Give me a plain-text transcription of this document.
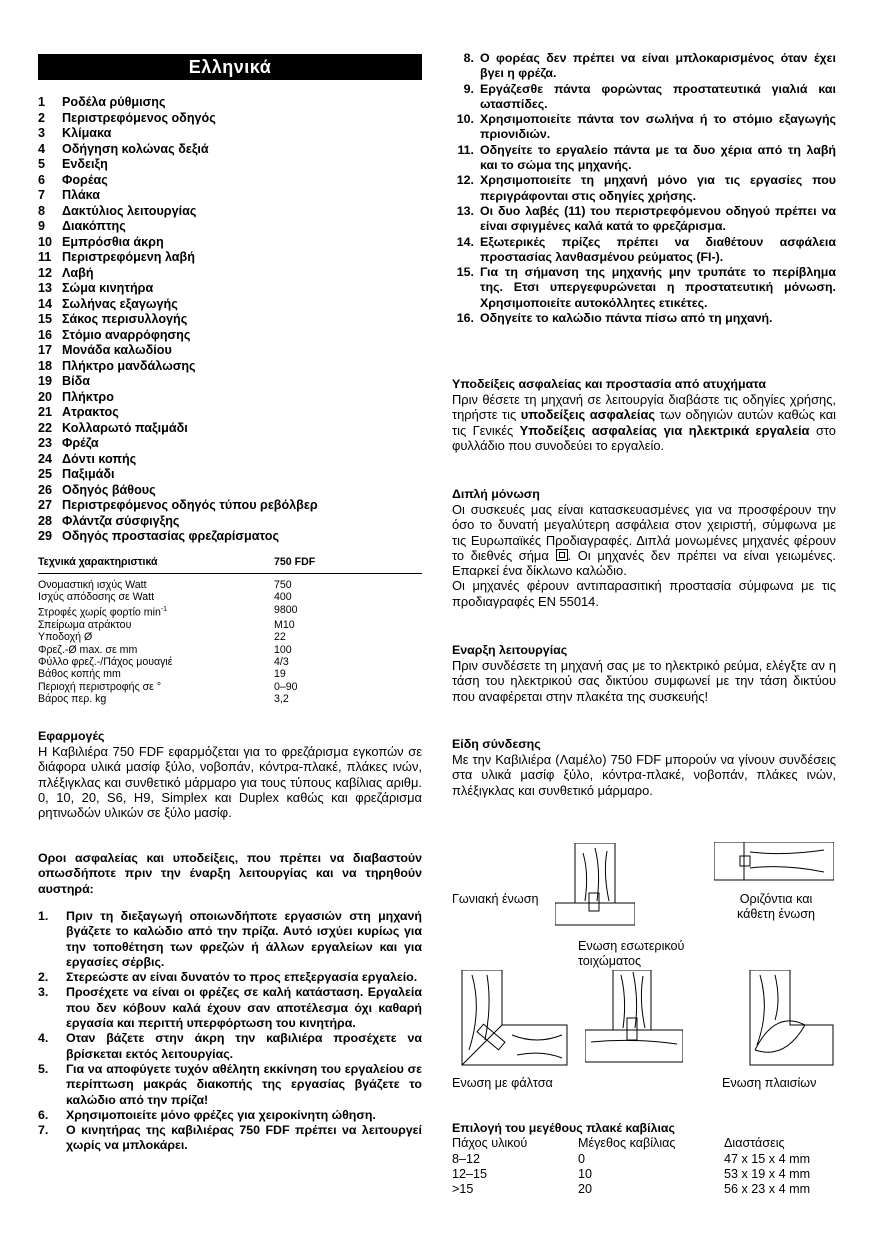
Ελληνικά
1	Ροδέλα ρύθμισης
2	Περιστρεφόμενος οδηγός
3	Κλίμακα
4	Οδήγηση κολώνας δεξιά
5	Ενδειξη
6	Φορέας
7	Πλάκα
8	Δακτύλιος λειτουργίας
9	Διακόπτης
10 Εμπρόσθια άκρη
11 Περιστρεφόμενη λαβή
12 Λαβή
13 Σώμα κινητήρα
14 Σωλήνας εξαγωγής
15 Σάκος περισυλλογής
16 Στόμιο αναρρόφησης
17 Μονάδα καλωδίου
18 Πλήκτρο μανδάλωσης
19 Βίδα
20 Πλήκτρο
21 Ατρακτος
22 Κολλαρωτό παξιμάδι
23 Φρέζα
24 Δόντι κοπής
25 Παξιμάδι
26 Οδηγός βάθους
27 Περιστρεφόμενος οδηγός τύπου ρεβόλβερ
28 Φλάντζα σύσφιγξης
29 Οδηγός προστασίας φρεζαρίσματος
Τεχνικά χαρακτηριστικά	750 FDF
Ονομαστική ισχύς Watt	750
Ισχύς απόδοσης σε Watt	400
Στροφές χωρίς φορτίο $\min^{-1}$	9800
Σπείρωμα ατράκτου	M10
Υποδοχή Ø	22
Φρεζ.-Ø max. σε mm	100
Φύλλο φρεζ.-/Πάχος μουαγιέ	4/3
Βάθος κοπής mm	19
Περιοχή περιστροφής σε °	0–90
Βάρος περ. kg	3,2
Εφαρμογές

Η Καβιλιέρα 750 FDF εφαρμόζεται για το φρεζάρισμα εγκοπών σε διάφορα υλικά μασίφ ξύλο, νοβοπάν, κόντρα-πλακέ, πλάκες ινών, πλέξιγκλας και συνθετικό μάρμαρο για τους τύπους καβίλιας αριθμ. 0, 10, 20, S6, H9, Simplex και Duplex καθώς και φρεζάρισμα ρητινωδών υλικών σε ξύλο μασίφ.

Οροι ασφαλείας και υποδείξεις, που πρέπει να διαβαστούν οπωσδήποτε πριν την έναρξη λειτουργίας και να τηρηθούν αυστηρά:

1.	Πριν τη διεξαγωγή οποιωνδήποτε εργασιών στη μηχανή βγάζετε το καλώδιο από την πρίζα. Αυτό ισχύει κυρίως για την τοποθέτηση των φρεζών ή άλλων εργαλείων και για εργασίες σέρβις.
2.	Στερεώστε αν είναι δυνατόν το προς επεξεργασία εργαλείο.
3.	Προσέχετε να είναι οι φρέζες σε καλή κατάσταση. Εργαλεία που δεν κόβουν καλά έχουν σαν αποτέλεσμα όχι καθαρή εργασία και περιττή υπερφόρτωση του κινητήρα.
4.	Οταν βάζετε στην άκρη την καβιλιέρα προσέχετε να βρίσκεται εκτός λειτουργίας.
5.	Για να αποφύγετε τυχόν αθέλητη εκκίνηση του εργαλείου σε περίπτωση μακράς διακοπής της εργασίας βγάζετε το καλώδιο από την πρίζα!
6.	Χρησιμοποιείτε μόνο φρέζες για χειροκίνητη ώθηση.
7.	Ο κινητήρας της καβιλιέρας 750 FDF πρέπει να λειτουργεί χωρίς να μπλοκάρει.
8. Ο φορέας δεν πρέπει να είναι μπλοκαρισμένος όταν έχει βγει η φρέζα.
9. Εργάζεσθε πάντα φορώντας προστατευτικά γιαλιά και ωτασπίδες.
10. Χρησιμοποιείτε πάντα τον σωλήνα ή το στόμιο εξαγωγής πριονιδιών.
11. Οδηγείτε το εργαλείο πάντα με τα δυο χέρια από τη λαβή και το σώμα της μηχανής.
12. Χρησιμοποιείτε τη μηχανή μόνο για τις εργασίες που περιγράφονται στις οδηγίες χρήσης.
13. Οι δυο λαβές (11) του περιστρεφόμενου οδηγού πρέπει να είναι σφιγμένες καλά κατά το φρεζάρισμα.
14. Εξωτερικές πρίζες πρέπει να διαθέτουν ασφάλεια προστασίας λανθασμένου ρεύματος (FI-).
15. Για τη σήμανση της μηχανής μην τρυπάτε το περίβλημα της. Ετσι υπεργεφυρώνεται η προστατευτική μόνωση. Χρησιμοποιείτε αυτοκόλλητες ετικέτες.
16. Οδηγείτε το καλώδιο πάντα πίσω από τη μηχανή.
Υποδείξεις ασφαλείας και προστασία από ατυχήματα

Πριν θέσετε τη μηχανή σε λειτουργία διαβάστε τις οδηγίες χρήσης, τηρήστε τις υποδείξεις ασφαλείας των οδηγιών αυτών καθώς και τις Γενικές Υποδείξεις ασφαλείας για ηλεκτρικά εργαλεία στο φυλλάδιο που συνοδεύει το εργαλείο.

Διπλή μόνωση

Οι συσκευές μας είναι κατασκευασμένες για να προσφέρουν την όσο το δυνατή μεγαλύτερη ασφάλεια στον χειριστή, σύμφωνα με τις Ευρωπαϊκές Προδιαγραφές. Διπλά μονωμένες μηχανές φέρουν το διεθνές σήμα
. Οι μηχανές δεν πρέπει να είναι γειωμένες. Επαρκεί ένα δίκλωνο καλώδιο.

Οι μηχανές φέρουν αντιπαρασιτική προστασία σύμφωνα με τις προδιαγραφές EN 55014.

Εναρξη λειτουργίας

Πριν συνδέσετε τη μηχανή σας με το ηλεκτρικό ρεύμα, ελέγξτε αν η τάση του ηλεκτρικού σας δικτύου συμφωνεί με την τάση δικτύου που αναφέρεται στην πλακέτα της συσκευής!

Είδη σύνδεσης

Με την Καβιλιέρα (Λαμέλο) 750 FDF μπορούν να γίνουν συνδέσεις στα υλικά μασίφ ξύλο, κόντρα-πλακέ, νοβοπάν, πλάκες ινών, πλέξιγκλας και συνθετικό μάρμαρο.

Γωνιακή ένωση	Οριζόντια και
κάθετη ένωση
Ενωση εσωτερικού
τοιχώματος
Ενωση με φάλτσα	Ενωση πλαισίων
Επιλογή του μεγέθους πλακέ καβίλιας
Πάχος υλικού	Μέγεθος καβίλιας	Διαστάσεις
8–12	0	47 x 15 x 4 mm
12–15	10	53 x 19 x 4 mm
>15	20	56 x 23 x 4 mm
